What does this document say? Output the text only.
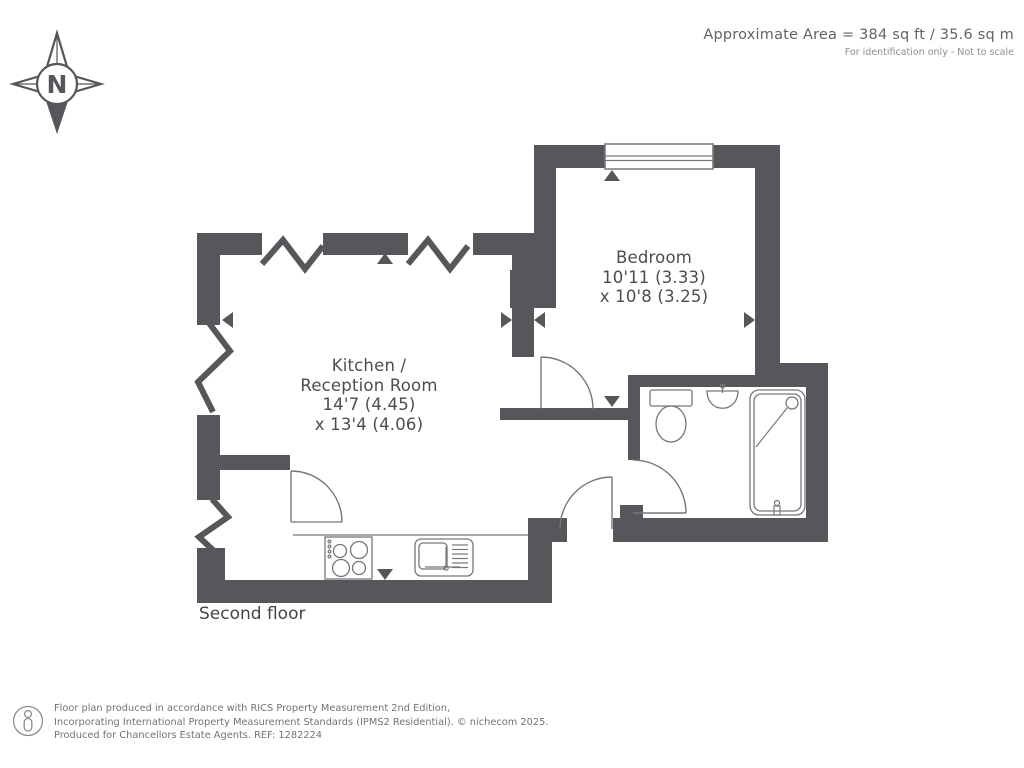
Approximate Area = 384 sq ft / 35.6 sq m
For identification only - Not to scale
N
Bedroom
10'11 (3.33)
x 10'8 (3.25)
Kitchen /
Reception Room
14'7 (4.45)
x 13'4 (4.06)
Second floor
Floor plan produced in accordance with RICS Property Measurement 2nd Edition,
Incorporating International Property Measurement Standards (IPMS2 Residential). © nichecom 2025.
Produced for Chancellors Estate Agents. REF: 1282224
